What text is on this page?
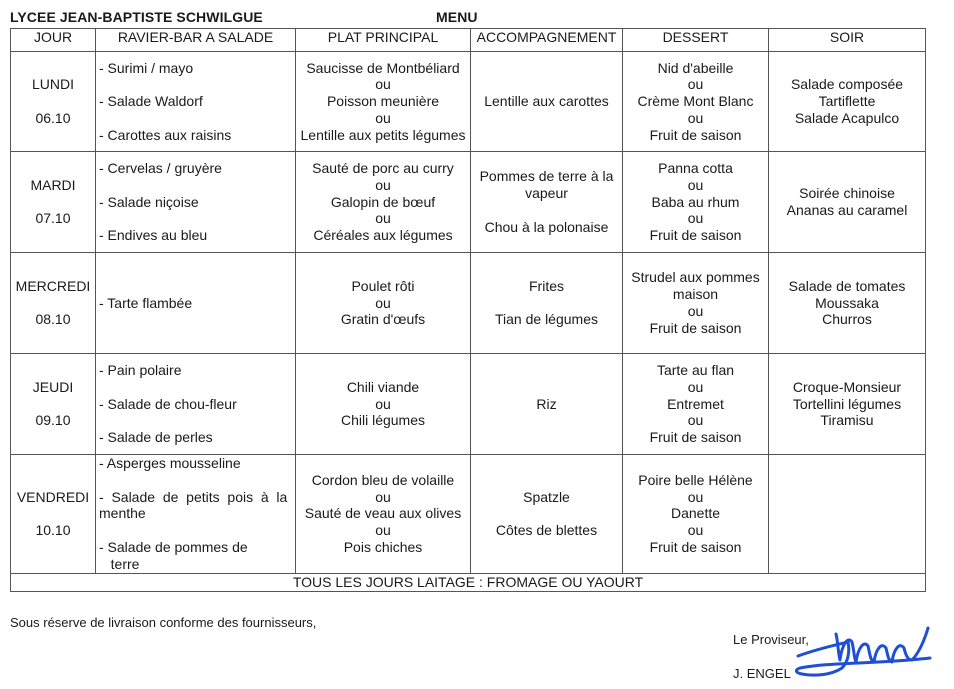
LYCEE JEAN-BAPTISTE SCHWILGUE	MENU
JOUR	RAVIER-BAR A SALADE	PLAT PRINCIPAL	ACCOMPAGNEMENT	DESSERT	SOIR

LUNDI
06.10	- Surimi / mayo
- Salade Waldorf
- Carottes aux raisins	Saucisse de Montbéliard
ou
Poisson meunière
ou
Lentille aux petits légumes	Lentille aux carottes	Nid d'abeille
ou
Crème Mont Blanc
ou
Fruit de saison	Salade composée
Tartiflette
Salade Acapulco

MARDI
07.10	- Cervelas / gruyère
- Salade niçoise
- Endives au bleu	Sauté de porc au curry
ou
Galopin de bœuf
ou
Céréales aux légumes	Pommes de terre à la vapeur
Chou à la polonaise	Panna cotta
ou
Baba au rhum
ou
Fruit de saison	Soirée chinoise
Ananas au caramel

MERCREDI
08.10	- Tarte flambée	Poulet rôti
ou
Gratin d'œufs	Frites
Tian de légumes	Strudel aux pommes maison
ou
Fruit de saison	Salade de tomates
Moussaka
Churros

JEUDI
09.10	- Pain polaire
- Salade de chou-fleur
- Salade de perles	Chili viande
ou
Chili légumes	Riz	Tarte au flan
ou
Entremet
ou
Fruit de saison	Croque-Monsieur
Tortellini légumes
Tiramisu

VENDREDI
10.10	- Asperges mousseline
-  Salade  de  petits  pois  à  la
menthe
- Salade de pommes de
terre	Cordon bleu de volaille
ou
Sauté de veau aux olives
ou
Pois chiches	Spatzle
Côtes de blettes	Poire belle Hélène
ou
Danette
ou
Fruit de saison	

TOUS LES JOURS LAITAGE : FROMAGE OU YAOURT					
Sous réserve de livraison conforme des fournisseurs,
Le Proviseur,
J. ENGEL
